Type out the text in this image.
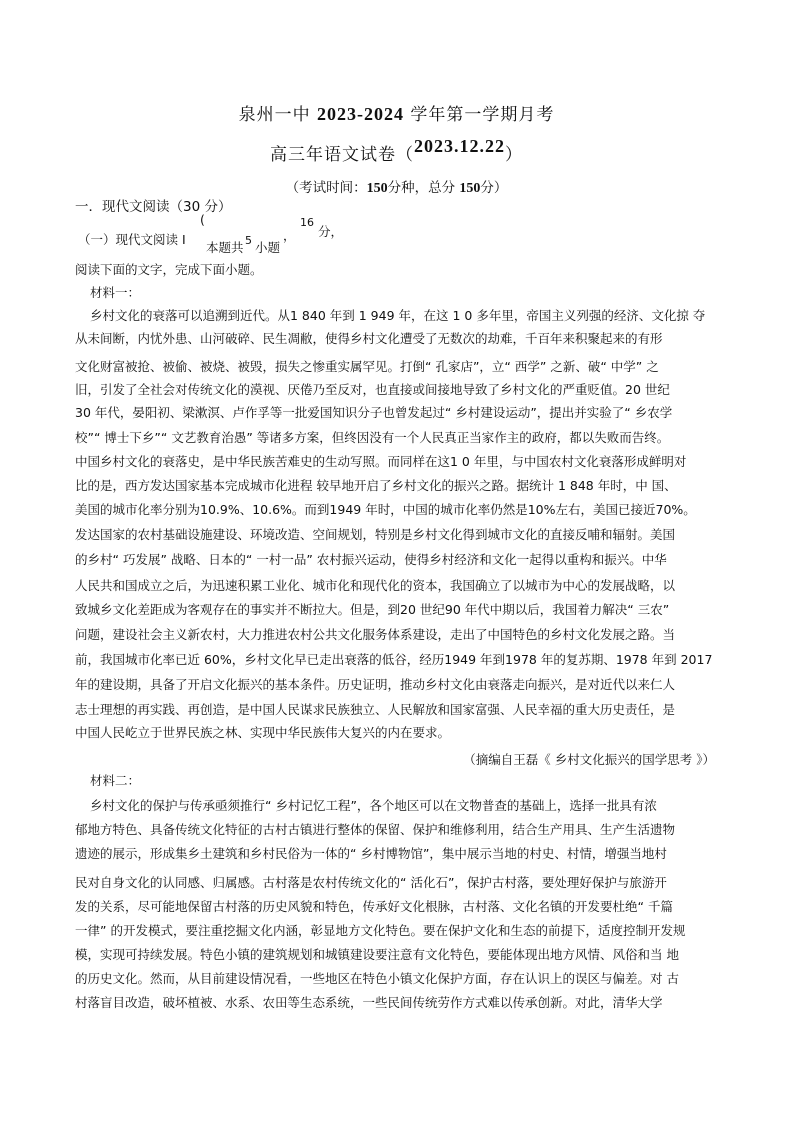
泉州一中 2023-2024 学年第一学期月考
高三年语文试卷（2023.12.22）
（考试时间：150分种，总分 150分）
一．现代文阅读（30 分）
（一）现代文阅读 I
(
本题共 5 小题
，
16
分，
阅读下面的文字，完成下面小题。
材料一：
乡村文化的衰落可以追溯到近代。从1 840 年到 1 949 年，在这 1 0 多年里，帝国主义列强的经济、文化掠 夺
从未间断，内忧外患、山河破碎、民生凋敝，使得乡村文化遭受了无数次的劫难，千百年来积聚起来的有形
文化财富被抢、被偷、被烧、被毁，损失之惨重实属罕见。打倒“ 孔家店”，立“ 西学” 之新、破“ 中学” 之
旧，引发了全社会对传统文化的漠视、厌倦乃至反对，也直接或间接地导致了乡村文化的严重贬值。20 世纪
30 年代，晏阳初、梁漱溟、卢作孚等一批爱国知识分子也曾发起过“ 乡村建设运动”，提出并实验了“ 乡农学
校”“ 博士下乡”“ 文艺教育治愚” 等诸多方案，但终因没有一个人民真正当家作主的政府，都以失败而告终。
中国乡村文化的衰落史，是中华民族苦难史的生动写照。而同样在这1 0 年里，与中国农村文化衰落形成鲜明对
比的是，西方发达国家基本完成城市化进程 较早地开启了乡村文化的振兴之路。据统计 1 848 年时，中 国、
美国的城市化率分别为10.9%、10.6%。而到1949 年时，中国的城市化率仍然是10%左右，美国已接近70%。
发达国家的农村基础设施建设、环境改造、空间规划，特别是乡村文化得到城市文化的直接反哺和辐射。美国
的乡村“ 巧发展” 战略、日本的“ 一村一品” 农村振兴运动，使得乡村经济和文化一起得以重构和振兴。中华
人民共和国成立之后，为迅速积累工业化、城市化和现代化的资本，我国确立了以城市为中心的发展战略，以
致城乡文化差距成为客观存在的事实并不断拉大。但是，到20 世纪90 年代中期以后，我国着力解决“ 三农”
问题，建设社会主义新农村，大力推进农村公共文化服务体系建设，走出了中国特色的乡村文化发展之路。当
前，我国城市化率已近 60%，乡村文化早已走出衰落的低谷，经历1949 年到1978 年的复苏期、1978 年到 2017
年的建设期，具备了开启文化振兴的基本条件。历史证明，推动乡村文化由衰落走向振兴，是对近代以来仁人
志士理想的再实践、再创造，是中国人民谋求民族独立、人民解放和国家富强、人民幸福的重大历史责任，是
中国人民屹立于世界民族之林、实现中华民族伟大复兴的内在要求。
（摘编自王磊《 乡村文化振兴的国学思考 》）
材料二：
乡村文化的保护与传承亟须推行“ 乡村记忆工程”，各个地区可以在文物普查的基础上，选择一批具有浓
郁地方特色、具备传统文化特征的古村古镇进行整体的保留、保护和维修利用，结合生产用具、生产生活遗物
遗迹的展示，形成集乡土建筑和乡村民俗为一体的“ 乡村博物馆”，集中展示当地的村史、村情，增强当地村
民对自身文化的认同感、归属感。古村落是农村传统文化的“ 活化石”，保护古村落，要处理好保护与旅游开
发的关系，尽可能地保留古村落的历史风貌和特色，传承好文化根脉，古村落、文化名镇的开发要杜绝“ 千篇
一律” 的开发模式，要注重挖掘文化内涵，彰显地方文化特色。要在保护文化和生态的前提下，适度控制开发规
模，实现可持续发展。特色小镇的建筑规划和城镇建设要注意有文化特色，要能体现出地方风情、风俗和当 地
的历史文化。然而，从目前建设情况看，一些地区在特色小镇文化保护方面，存在认识上的误区与偏差。对 古
村落盲目改造，破坏植被、水系、农田等生态系统，一些民间传统劳作方式难以传承创新。对此，清华大学
